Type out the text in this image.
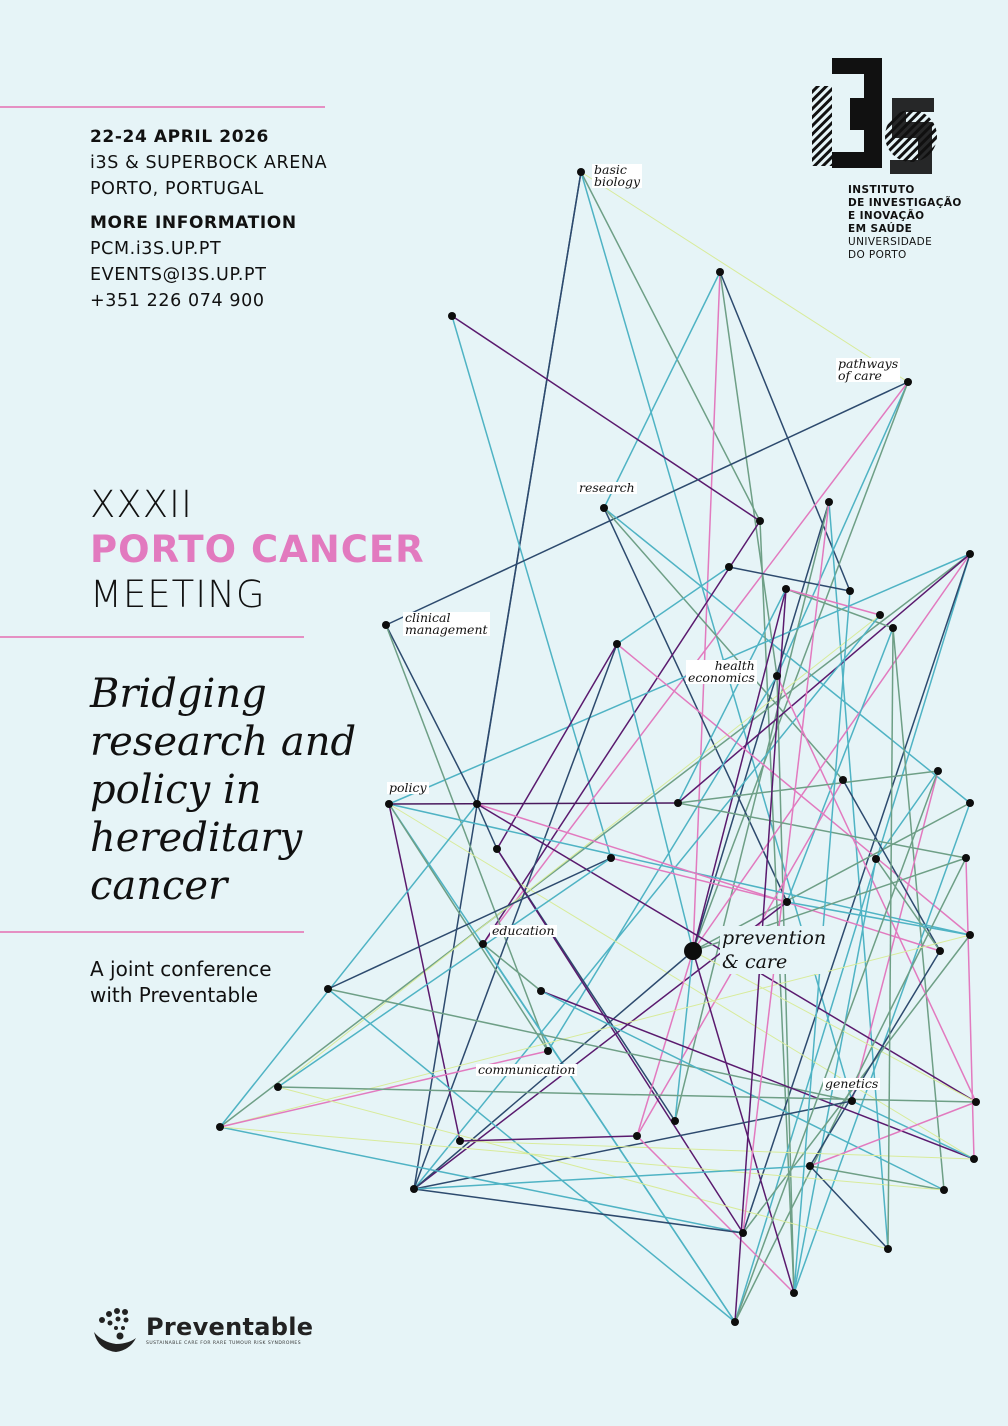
22-24 APRIL 2026
i3S & SUPERBOCK ARENA
PORTO, PORTUGAL
MORE INFORMATION
PCM.i3S.UP.PT
EVENTS@I3S.UP.PT
+351 226 074 900
XXXII
PORTO CANCER
MEETING
Bridging
research and
policy in
hereditary
cancer
A joint conference
with Preventable
INSTITUTO
DE INVESTIGAÇÃO
E INOVAÇÃO
EM SAÚDE
UNIVERSIDADE
DO PORTO
basic
biology
pathways
of care
research
clinical
management
health
economics
policy
education	prevention
& care
communication
genetics
Preventable
SUSTAINABLE CARE FOR RARE TUMOUR RISK SYNDROMES
